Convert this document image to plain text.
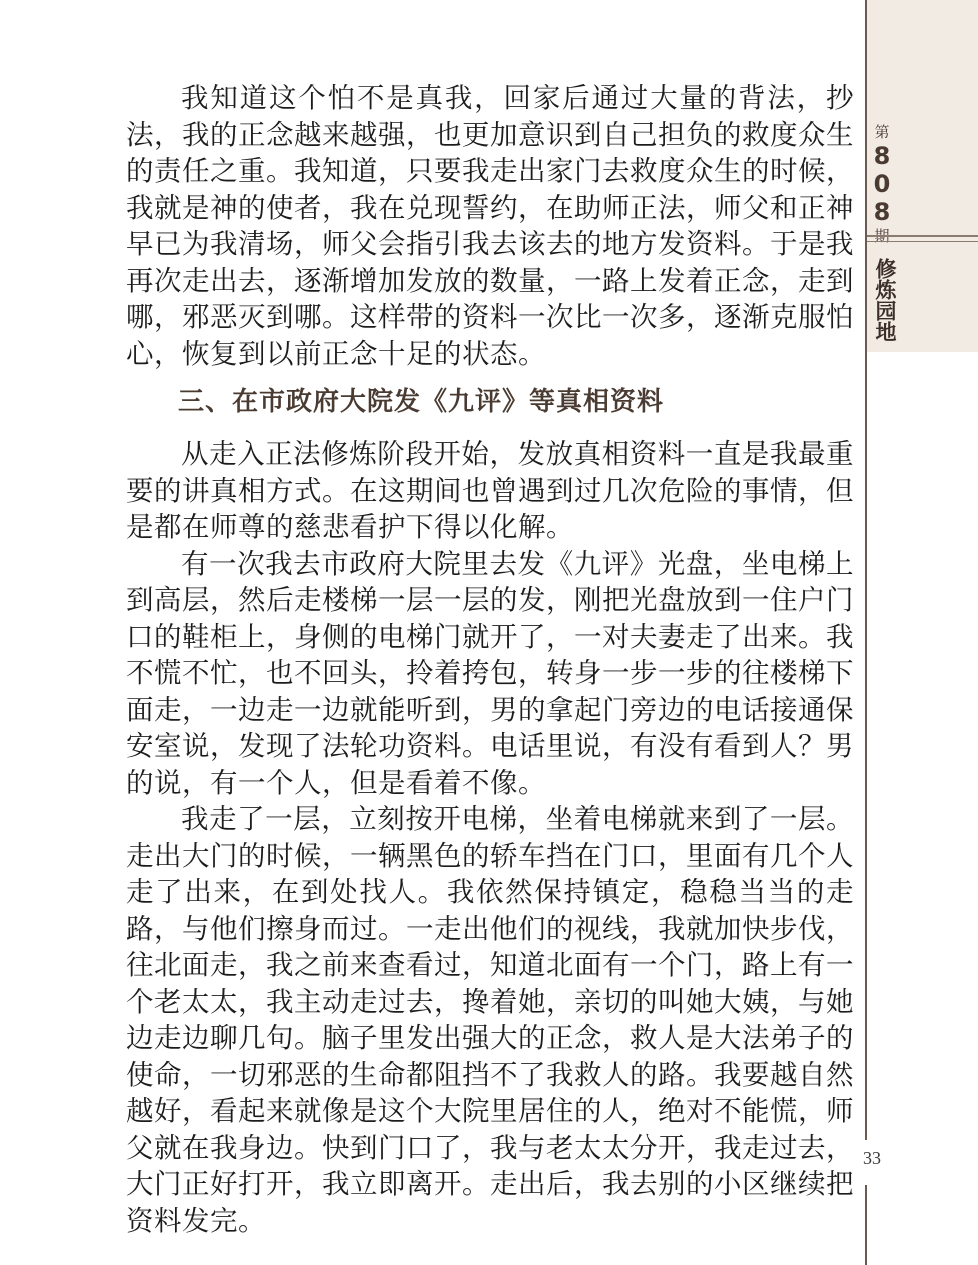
第
808
修炼园地

我知道这个怕不是真我，回家后通过大量的背法，抄法，我的正念越来越强，也更加意识到自己担负的救度众生的责任之重。我知道，只要我走出家门去救度众生的时候，我就是神的使者，我在兑现誓约，在助师正法，师父和正神早已为我清场，师父会指引我去该去的地方发资料。于是我再次走出去，逐渐增加发放的数量，一路上发着正念，走到哪，邪恶灭到哪。这样带的资料一次比一次多，逐渐克服怕心，恢复到以前正念十足的状态。

三、在市政府大院发《九评》等真相资料

从走入正法修炼阶段开始，发放真相资料一直是我最重要的讲真相方式。在这期间也曾遇到过几次危险的事情，但是都在师尊的慈悲看护下得以化解。

有一次我去市政府大院里去发《九评》光盘，坐电梯上到高层，然后走楼梯一层一层的发，刚把光盘放到一住户门口的鞋柜上，身侧的电梯门就开了，一对夫妻走了出来。我不慌不忙，也不回头，拎着挎包，转身一步一步的往楼梯下面走，一边走一边就能听到，男的拿起门旁边的电话接通保安室说，发现了法轮功资料。电话里说，有没有看到人？男的说，有一个人，但是看着不像。

我走了一层，立刻按开电梯，坐着电梯就来到了一层。走出大门的时候，一辆黑色的轿车挡在门口，里面有几个人走了出来，在到处找人。我依然保持镇定，稳稳当当的走路，与他们擦身而过。一走出他们的视线，我就加快步伐，往北面走，我之前来查看过，知道北面有一个门，路上有一个老太太，我主动走过去，搀着她，亲切的叫她大姨，与她边走边聊几句。脑子里发出强大的正念，救人是大法弟子的使命，一切邪恶的生命都阻挡不了我救人的路。我要越自然越好，看起来就像是这个大院里居住的人，绝对不能慌，师父就在我身边。快到门口了，我与老太太分开，我走过去，大门正好打开，我立即离开。走出后，我去别的小区继续把资料发完。

33
